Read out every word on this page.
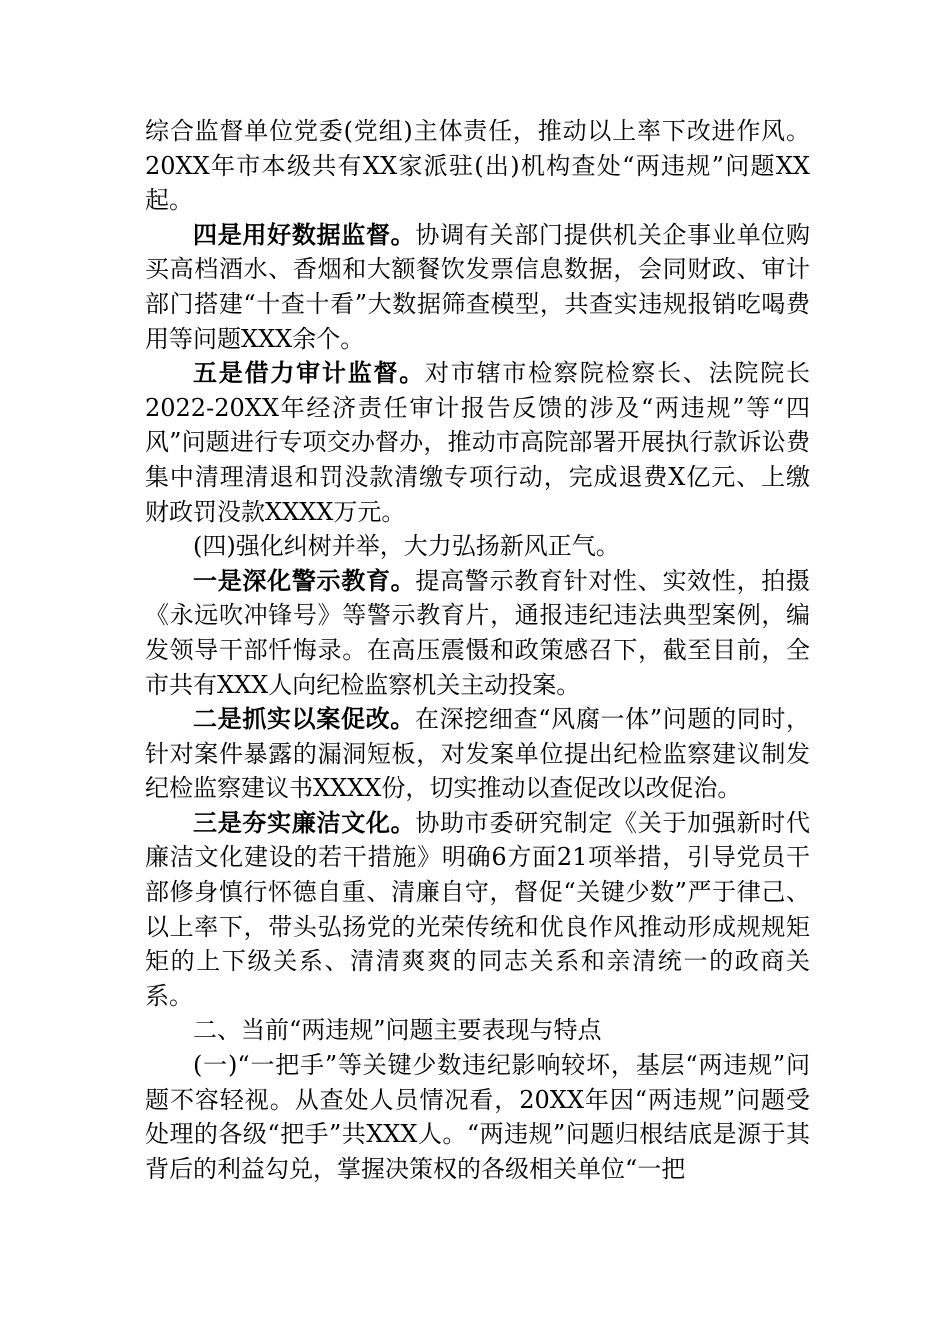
综合监督单位党委(党组)主体责任，推动以上率下改进作风。20XX年市本级共有XX家派驻(出)机构查处“两违规”问题XX起。

四是用好数据监督。协调有关部门提供机关企事业单位购买高档酒水、香烟和大额餐饮发票信息数据，会同财政、审计部门搭建“十查十看”大数据筛查模型，共查实违规报销吃喝费用等问题XXX余个。

五是借力审计监督。对市辖市检察院检察长、法院院长2022-20XX年经济责任审计报告反馈的涉及“两违规”等“四风”问题进行专项交办督办，推动市高院部署开展执行款诉讼费集中清理清退和罚没款清缴专项行动，完成退费X亿元、上缴财政罚没款XXXX万元。

(四)强化纠树并举，大力弘扬新风正气。

一是深化警示教育。提高警示教育针对性、实效性，拍摄《永远吹冲锋号》等警示教育片，通报违纪违法典型案例，编发领导干部忏悔录。在高压震慑和政策感召下，截至目前，全市共有XXX人向纪检监察机关主动投案。

二是抓实以案促改。在深挖细查“风腐一体”问题的同时，针对案件暴露的漏洞短板，对发案单位提出纪检监察建议制发纪检监察建议书XXXX份，切实推动以查促改以改促治。

三是夯实廉洁文化。协助市委研究制定《关于加强新时代廉洁文化建设的若干措施》明确6方面21项举措，引导党员干部修身慎行怀德自重、清廉自守，督促“关键少数”严于律己、以上率下，带头弘扬党的光荣传统和优良作风推动形成规规矩矩的上下级关系、清清爽爽的同志关系和亲清统一的政商关系。

二、当前“两违规”问题主要表现与特点

(一)“一把手”等关键少数违纪影响较坏，基层“两违规”问题不容轻视。从查处人员情况看，20XX年因“两违规”问题受处理的各级“把手”共XXX人。“两违规”问题归根结底是源于其背后的利益勾兑，掌握决策权的各级相关单位“一把
